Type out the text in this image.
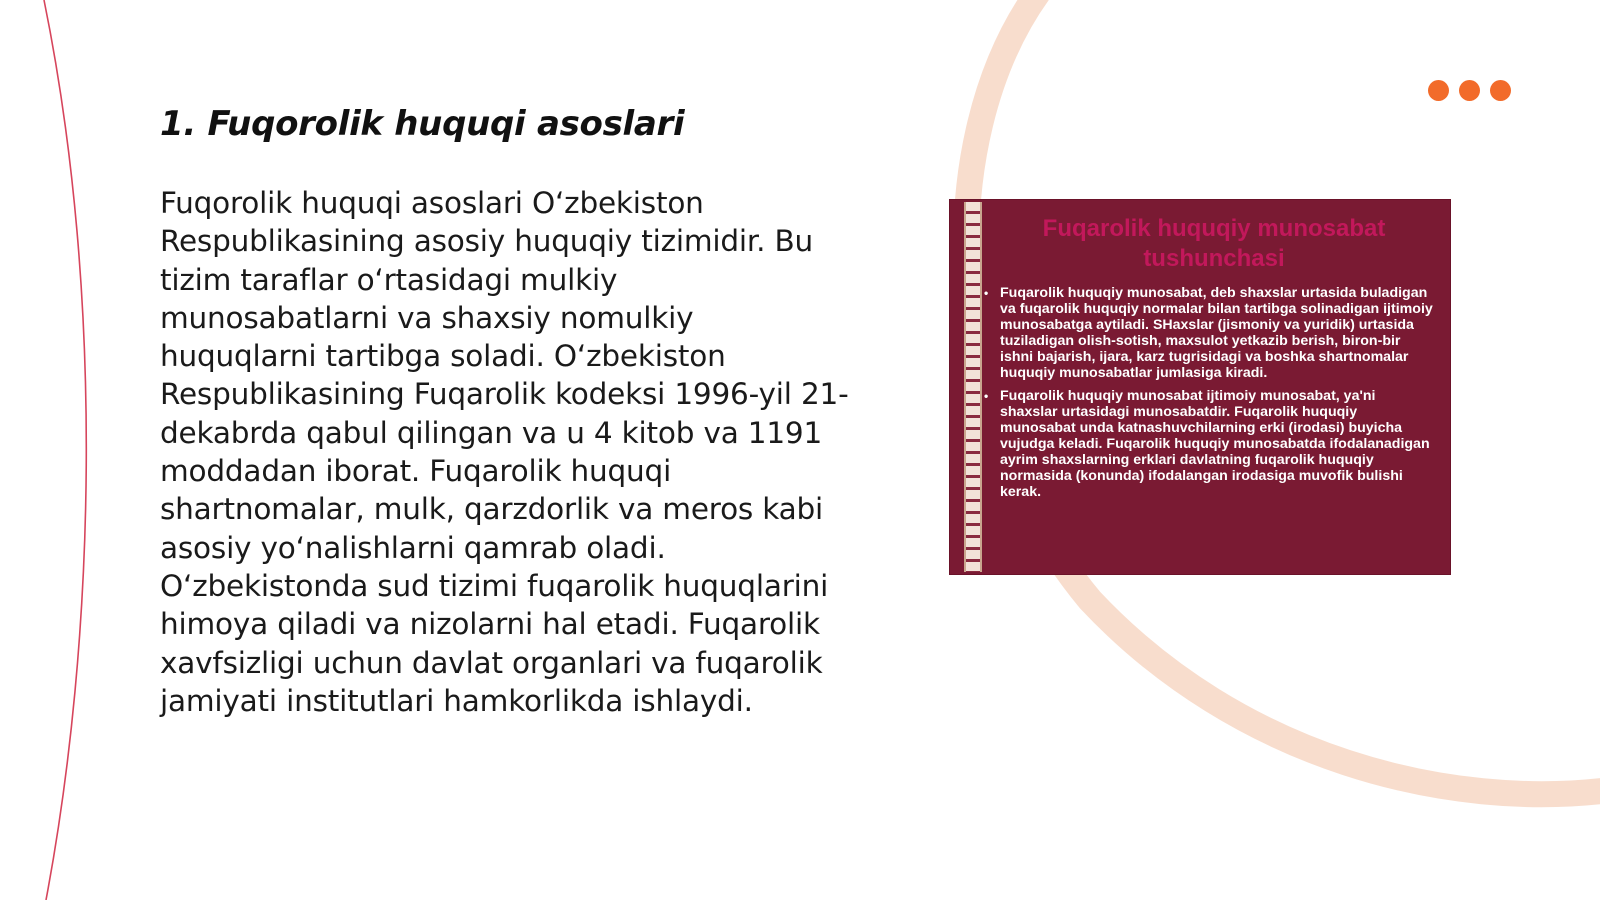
1. Fuqorolik huquqi asoslari

Fuqorolik huquqi asoslari O‘zbekiston Respublikasining asosiy huquqiy tizimidir. Bu tizim taraflar o‘rtasidagi mulkiy munosabatlarni va shaxsiy nomulkiy huquqlarni tartibga soladi. O‘zbekiston Respublikasining Fuqarolik kodeksi 1996-yil 21-dekabrda qabul qilingan va u 4 kitob va 1191 moddadan iborat. Fuqarolik huquqi shartnomalar, mulk, qarzdorlik va meros kabi asosiy yo‘nalishlarni qamrab oladi. O‘zbekistonda sud tizimi fuqarolik huquqlarini himoya qiladi va nizolarni hal etadi. Fuqarolik xavfsizligi uchun davlat organlari va fuqarolik jamiyati institutlari hamkorlikda ishlaydi.

Fuqarolik huquqiy munosabat tushunchasi
• Fuqarolik huquqiy munosabat, deb shaxslar urtasida buladigan va fuqarolik huquqiy normalar bilan tartibga solinadigan ijtimoiy munosabatga aytiladi. SHaxslar (jismoniy va yuridik) urtasida tuziladigan olish-sotish, maxsulot yetkazib berish, biron-bir ishni bajarish, ijara, karz tugrisidagi va boshka shartnomalar huquqiy munosabatlar jumlasiga kiradi.
• Fuqarolik huquqiy munosabat ijtimoiy munosabat, ya'ni shaxslar urtasidagi munosabatdir. Fuqarolik huquqiy munosabat unda katnashuvchilarning erki (irodasi) buyicha vujudga keladi. Fuqarolik huquqiy munosabatda ifodalanadigan ayrim shaxslarning erklari davlatning fuqarolik huquqiy normasida (konunda) ifodalangan irodasiga muvofik bulishi kerak.
